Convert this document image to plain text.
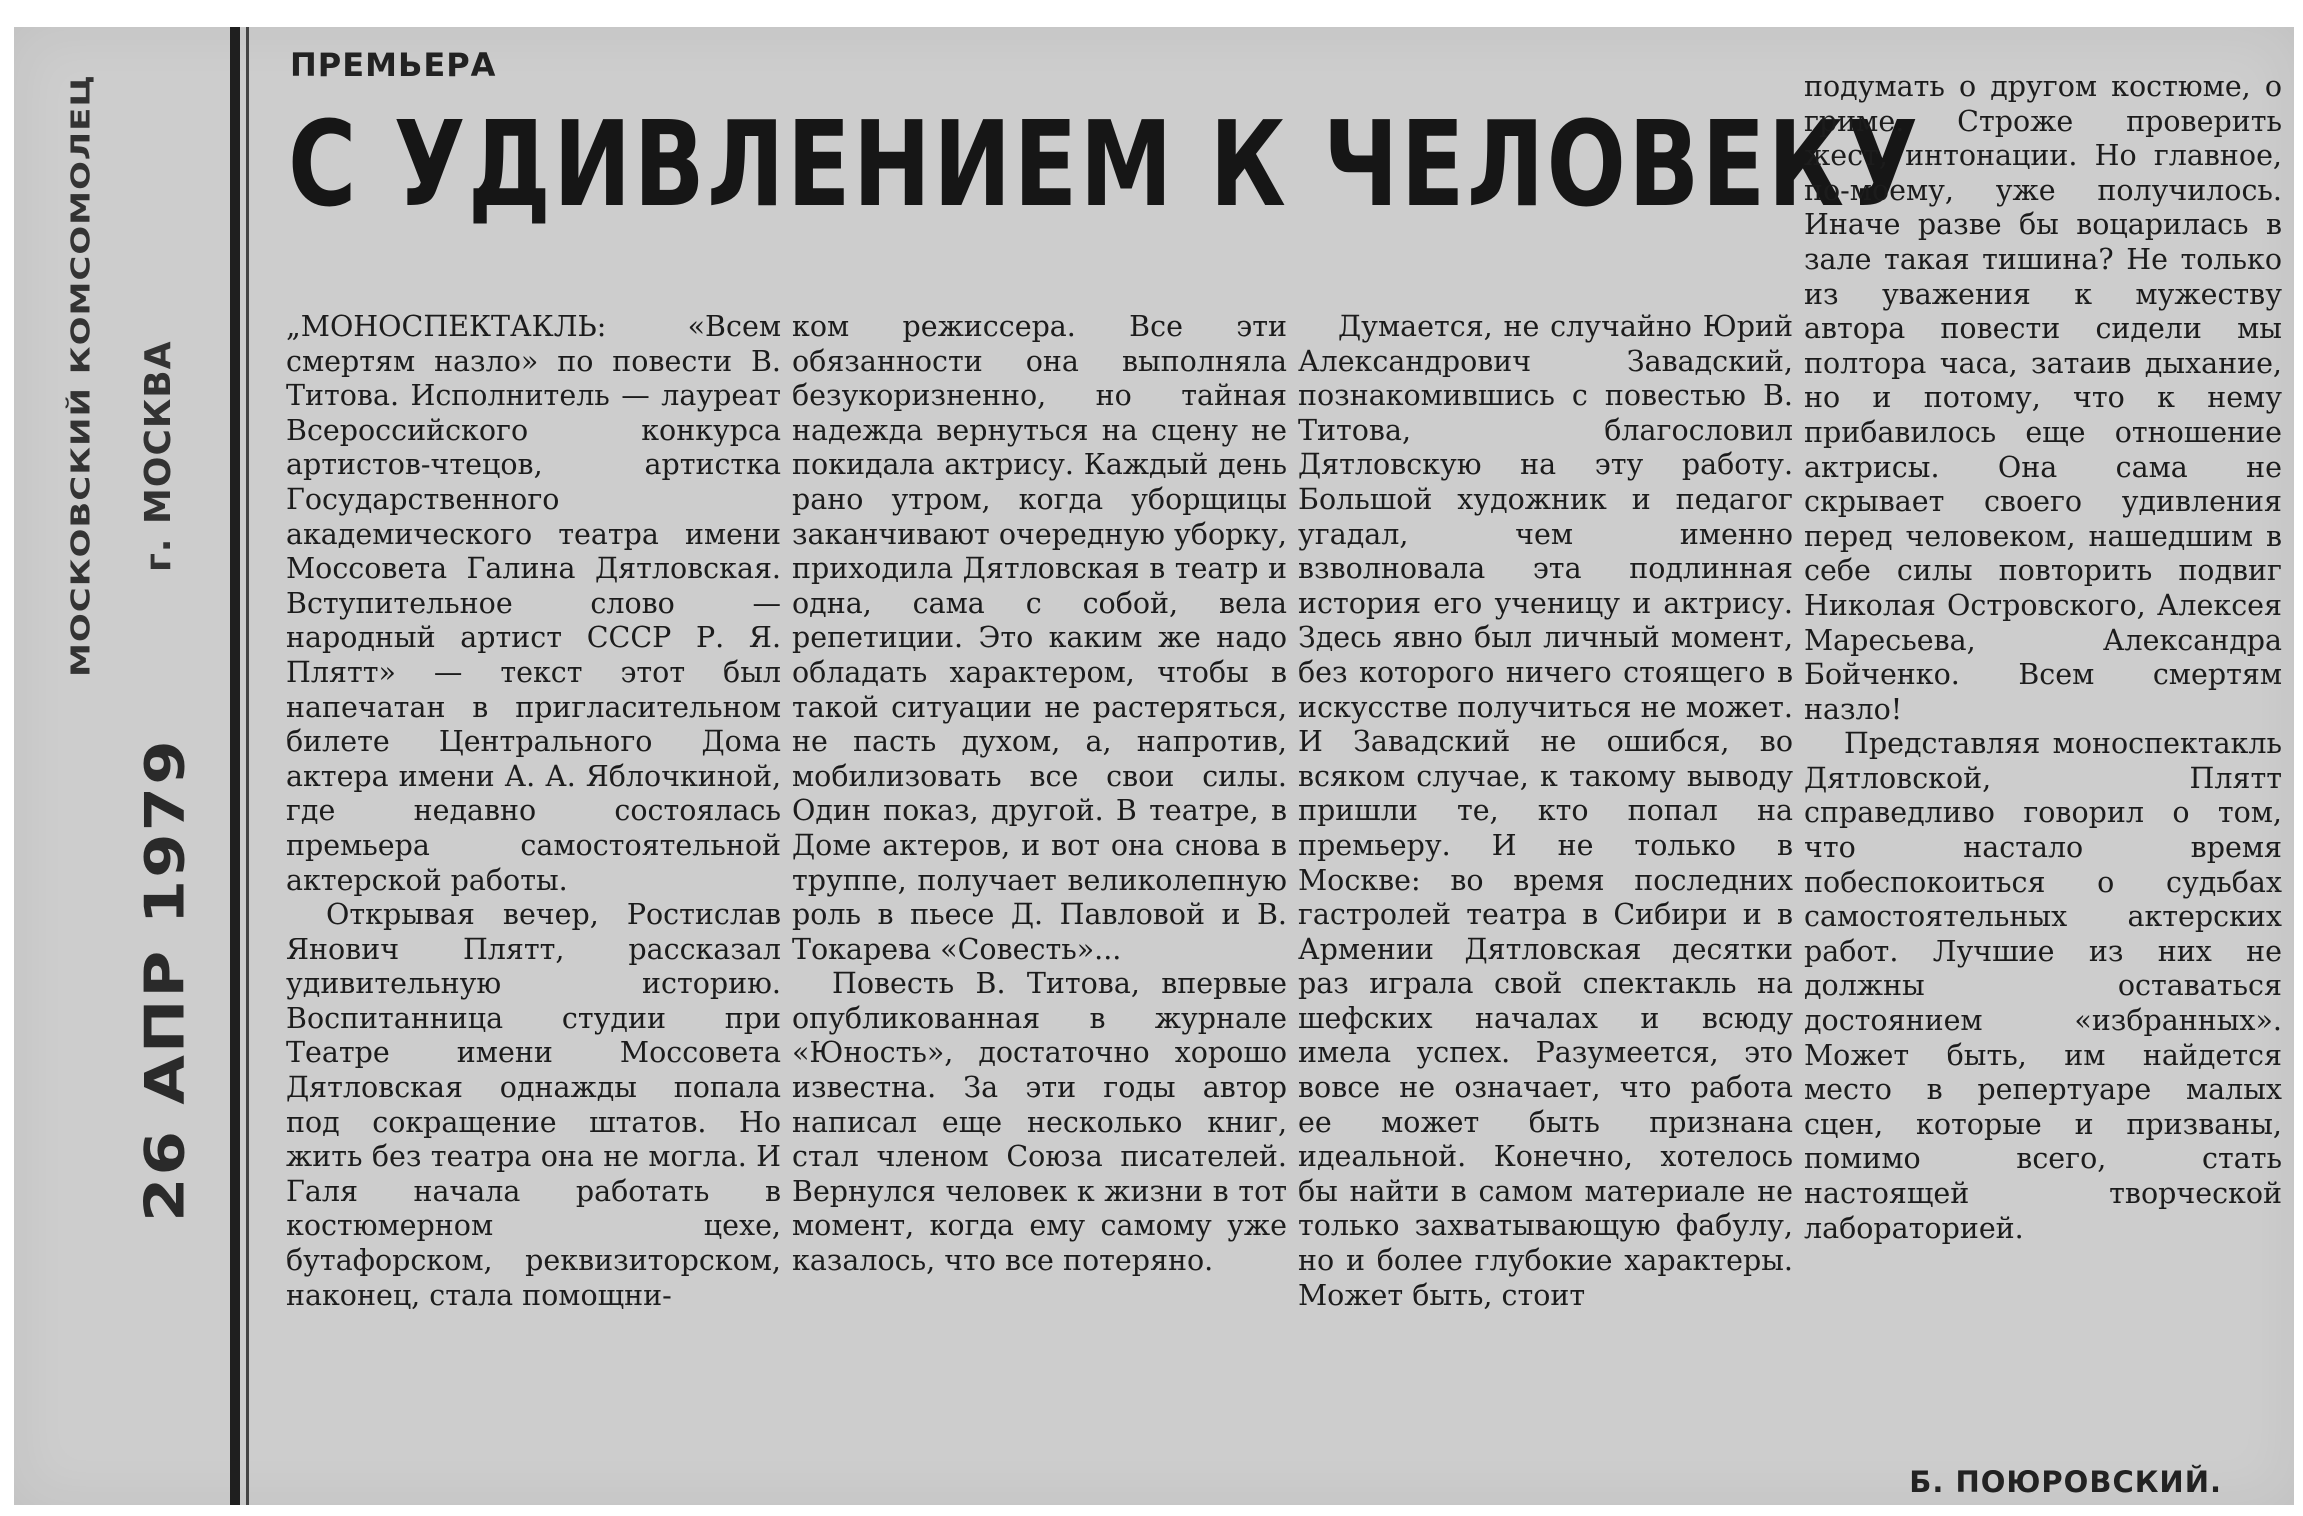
МОСКОВСКИЙ КОМСОМОЛЕЦ г. МОСКВА
26 АПР 1979
ПРЕМЬЕРА
С УДИВЛЕНИЕМ К ЧЕЛОВЕКУ

„МОНОСПЕКТАКЛЬ: «Всем смертям назло» по повести В. Титова. Исполнитель — лауреат Всероссийского конкурса артистов-чтецов, артистка Государственного академического театра имени Моссовета Галина Дятловская. Вступительное слово — народный артист СССР Р. Я. Плятт» — текст этот был напечатан в пригласительном билете Центрального Дома актера имени А. А. Яблочкиной, где недавно состоялась премьера самостоятельной актерской работы.

Открывая вечер, Ростислав Янович Плятт, рассказал удивительную историю. Воспитанница студии при Театре имени Моссовета Дятловская однажды попала под сокращение штатов. Но жить без театра она не могла. И Галя начала работать в костюмерном цехе, бутафорском, реквизиторском, наконец, стала помощни-

ком режиссера. Все эти обязанности она выполняла безукоризненно, но тайная надежда вернуться на сцену не покидала актрису. Каждый день рано утром, когда уборщицы заканчивают очередную уборку, приходила Дятловская в театр и одна, сама с собой, вела репетиции. Это каким же надо обладать характером, чтобы в такой ситуации не растеряться, не пасть духом, а, напротив, мобилизовать все свои силы. Один показ, другой. В театре, в Доме актеров, и вот она снова в труппе, получает великолепную роль в пьесе Д. Павловой и В. Токарева «Совесть»...

Повесть В. Титова, впервые опубликованная в журнале «Юность», достаточно хорошо известна. За эти годы автор написал еще несколько книг, стал членом Союза писателей. Вернулся человек к жизни в тот момент, когда ему самому уже казалось, что все потеряно.

Думается, не случайно Юрий Александрович Завадский, познакомившись с повестью В. Титова, благословил Дятловскую на эту работу. Большой художник и педагог угадал, чем именно взволновала эта подлинная история его ученицу и актрису. Здесь явно был личный момент, без которого ничего стоящего в искусстве получиться не может. И Завадский не ошибся, во всяком случае, к такому выводу пришли те, кто попал на премьеру. И не только в Москве: во время последних гастролей театра в Сибири и в Армении Дятловская десятки раз играла свой спектакль на шефских началах и всюду имела успех. Разумеется, это вовсе не означает, что работа ее может быть признана идеальной. Конечно, хотелось бы найти в самом материале не только захватывающую фабулу, но и более глубокие характеры. Может быть, стоит

подумать о другом костюме, о гриме. Строже проверить жест, интонации. Но главное, по-моему, уже получилось. Иначе разве бы воцарилась в зале такая тишина? Не только из уважения к мужеству автора повести сидели мы полтора часа, затаив дыхание, но и потому, что к нему прибавилось еще отношение актрисы. Она сама не скрывает своего удивления перед человеком, нашедшим в себе силы повторить подвиг Николая Островского, Алексея Маресьева, Александра Бойченко. Всем смертям назло!

Представляя моноспектакль Дятловской, Плятт справедливо говорил о том, что настало время побеспокоиться о судьбах самостоятельных актерских работ. Лучшие из них не должны оставаться достоянием «избранных». Может быть, им найдется место в репертуаре малых сцен, которые и призваны, помимо всего, стать настоящей творческой лабораторией.

Б. ПОЮРОВСКИЙ.
